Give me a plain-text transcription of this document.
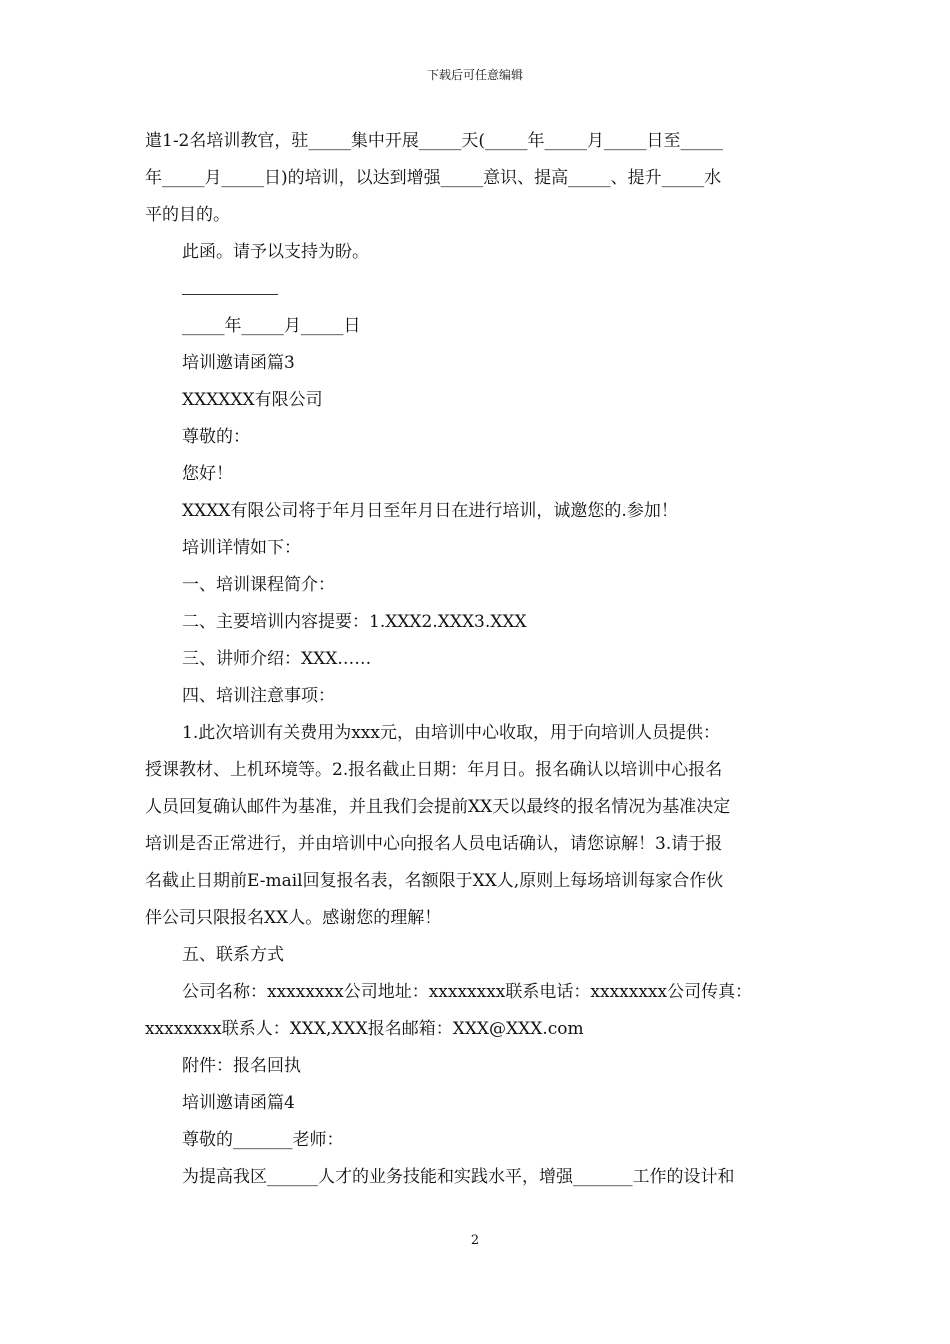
下载后可任意编辑
遣1-2名培训教官，驻_____集中开展_____天(_____年_____月_____日至_____
年_____月_____日)的培训，以达到增强_____意识、提高_____、提升_____水
平的目的。
此函。请予以支持为盼。
_____年_____月_____日
培训邀请函篇3
XXXXXX有限公司
尊敬的：
您好！
XXXX有限公司将于年月日至年月日在进行培训，诚邀您的.参加！
培训详情如下：
一、培训课程简介：
二、主要培训内容提要：1.XXX2.XXX3.XXX
三、讲师介绍：XXX……
四、培训注意事项：
1.此次培训有关费用为xxx元，由培训中心收取，用于向培训人员提供：
授课教材、上机环境等。2.报名截止日期：年月日。报名确认以培训中心报名
人员回复确认邮件为基准，并且我们会提前XX天以最终的报名情况为基准决定
培训是否正常进行，并由培训中心向报名人员电话确认，请您谅解！3.请于报
名截止日期前E-mail回复报名表，名额限于XX人,原则上每场培训每家合作伙
伴公司只限报名XX人。感谢您的理解！
五、联系方式
公司名称：xxxxxxxx公司地址：xxxxxxxx联系电话：xxxxxxxx公司传真：
xxxxxxxx联系人：XXX,XXX报名邮箱：XXX@XXX.com
附件：报名回执
培训邀请函篇4
尊敬的_______老师：
为提高我区______人才的业务技能和实践水平，增强_______工作的设计和
2
